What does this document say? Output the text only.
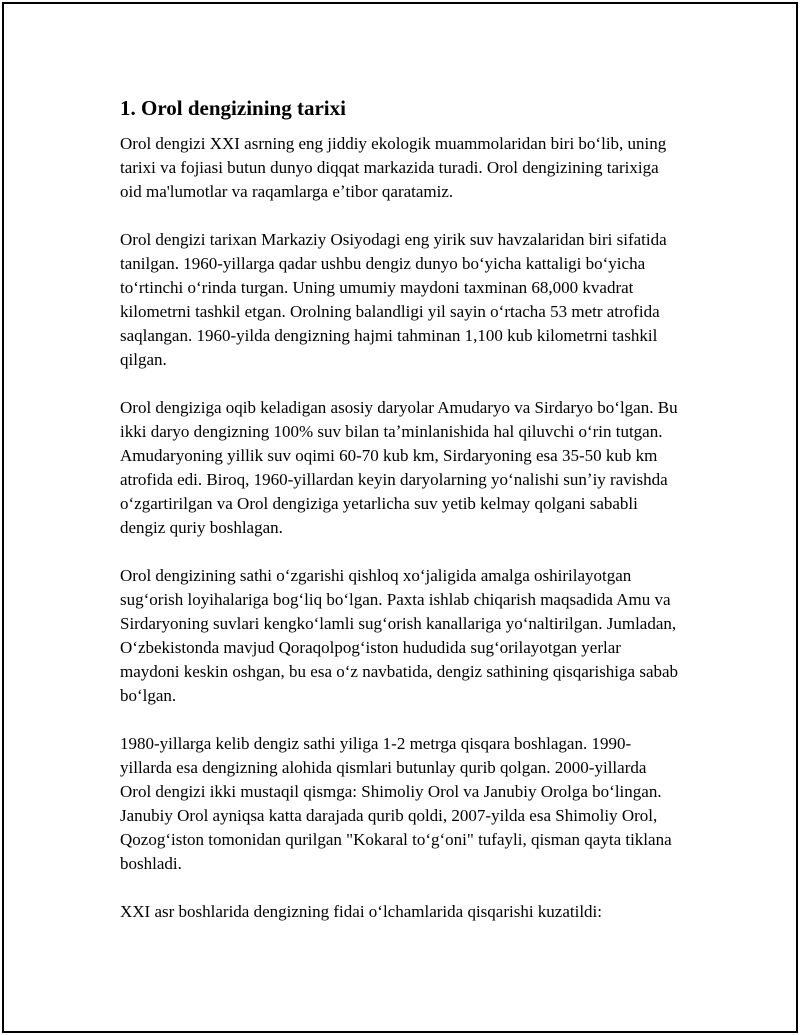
1. Orol dengizining tarixi

Orol dengizi XXI asrning eng jiddiy ekologik muammolaridan biri boʻlib, uning tarixi va fojiasi butun dunyo diqqat markazida turadi. Orol dengizining tarixiga oid ma'lumotlar va raqamlarga eʼtibor qaratamiz.

Orol dengizi tarixan Markaziy Osiyodagi eng yirik suv havzalaridan biri sifatida tanilgan. 1960-yillarga qadar ushbu dengiz dunyo boʻyicha kattaligi boʻyicha toʻrtinchi oʻrinda turgan. Uning umumiy maydoni taxminan 68,000 kvadrat kilometrni tashkil etgan. Orolning balandligi yil sayin oʻrtacha 53 metr atrofida saqlangan. 1960-yilda dengizning hajmi tahminan 1,100 kub kilometrni tashkil qilgan.

Orol dengiziga oqib keladigan asosiy daryolar Amudaryo va Sirdaryo boʻlgan. Bu ikki daryo dengizning 100% suv bilan taʼminlanishida hal qiluvchi oʻrin tutgan. Amudaryoning yillik suv oqimi 60-70 kub km, Sirdaryoning esa 35-50 kub km atrofida edi. Biroq, 1960-yillardan keyin daryolarning yoʻnalishi sunʼiy ravishda oʻzgartirilgan va Orol dengiziga yetarlicha suv yetib kelmay qolgani sababli dengiz quriy boshlagan.

Orol dengizining sathi oʻzgarishi qishloq xoʻjaligida amalga oshirilayotgan sugʻorish loyihalariga bogʻliq boʻlgan. Paxta ishlab chiqarish maqsadida Amu va Sirdaryoning suvlari kengkoʻlamli sugʻorish kanallariga yoʻnaltirilgan. Jumladan, Oʻzbekistonda mavjud Qoraqolpogʻiston hududida sugʻorilayotgan yerlar maydoni keskin oshgan, bu esa oʻz navbatida, dengiz sathining qisqarishiga sabab boʻlgan.

1980-yillarga kelib dengiz sathi yiliga 1-2 metrga qisqara boshlagan. 1990-yillarda esa dengizning alohida qismlari butunlay qurib qolgan. 2000-yillarda Orol dengizi ikki mustaqil qismga: Shimoliy Orol va Janubiy Orolga boʻlingan. Janubiy Orol ayniqsa katta darajada qurib qoldi, 2007-yilda esa Shimoliy Orol, Qozogʻiston tomonidan qurilgan "Kokaral toʻgʻoni" tufayli, qisman qayta tiklana boshladi.

XXI asr boshlarida dengizning fidai oʻlchamlarida qisqarishi kuzatildi:
